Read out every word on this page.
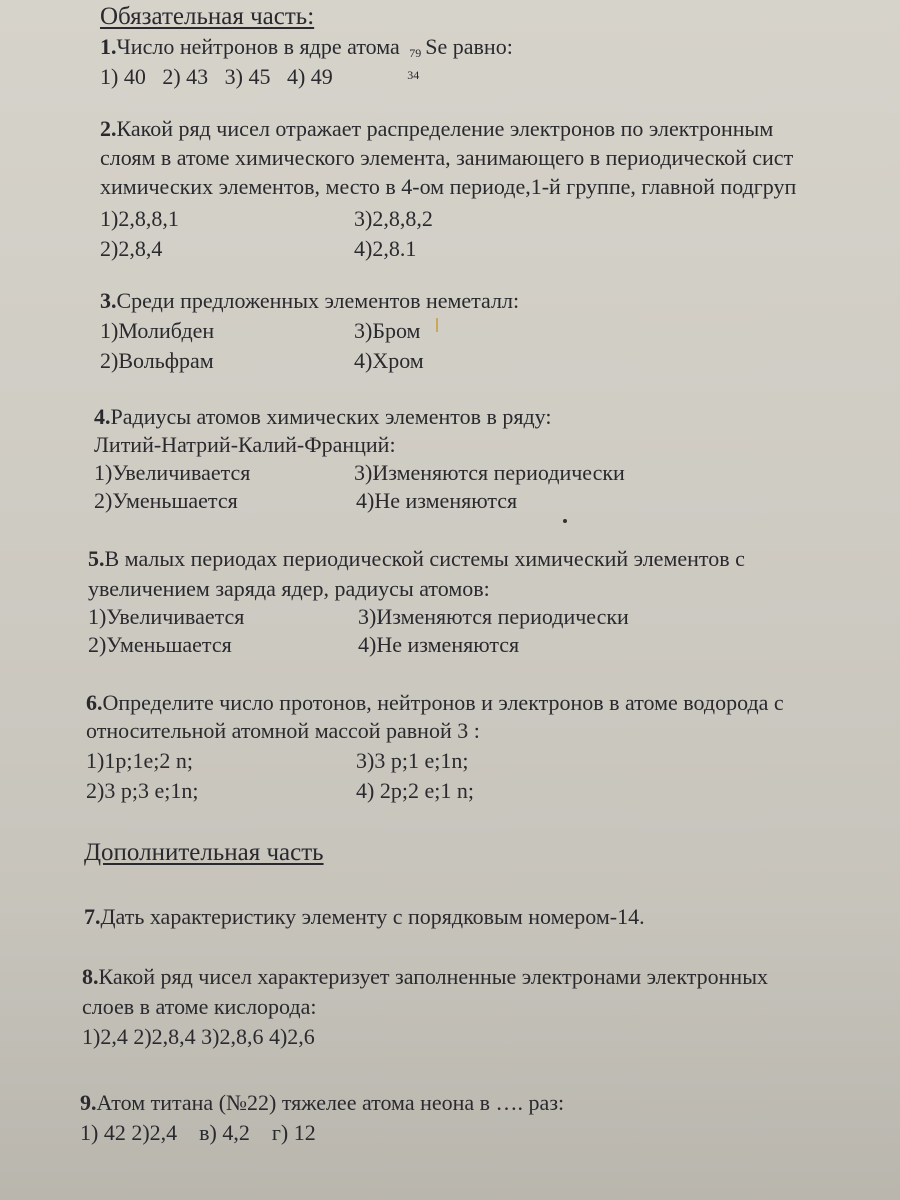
Обязательная часть:
1.Число нейтронов в ядре атома 79
34
Se равно:
1) 40   2) 43   3) 45   4) 49
2.Какой ряд чисел отражает распределение электронов по электронным
слоям в атоме химического элемента, занимающего в периодической сист
химических элементов, место в 4-ом периоде,1-й группе, главной подгруп
1)2,8,8,1	3)2,8,8,2
2)2,8,4	4)2,8.1
3.Среди предложенных элементов неметалл:
1)Молибден	3)Бром
2)Вольфрам	4)Хром
4.Радиусы атомов химических элементов в ряду:
Литий-Натрий-Калий-Франций:
1)Увеличивается	3)Изменяются периодически
2)Уменьшается	4)Не изменяются
5.В малых периодах периодической системы химический элементов с
увеличением заряда ядер, радиусы атомов:
1)Увеличивается	3)Изменяются периодически
2)Уменьшается	4)Не изменяются
6.Определите число протонов, нейтронов и электронов в атоме водорода с
относительной атомной массой равной 3 :
1)1р;1е;2 n;	3)3 р;1 е;1n;
2)3 р;3 е;1n;	4) 2р;2 е;1 n;
Дополнительная часть
7.Дать характеристику элементу с порядковым номером-14.
8.Какой ряд чисел характеризует заполненные электронами электронных
слоев в атоме кислорода:
1)2,4 2)2,8,4 3)2,8,6 4)2,6
9.Атом титана (№22) тяжелее атома неона в …. раз:
1) 42 2)2,4    в) 4,2    г) 12
